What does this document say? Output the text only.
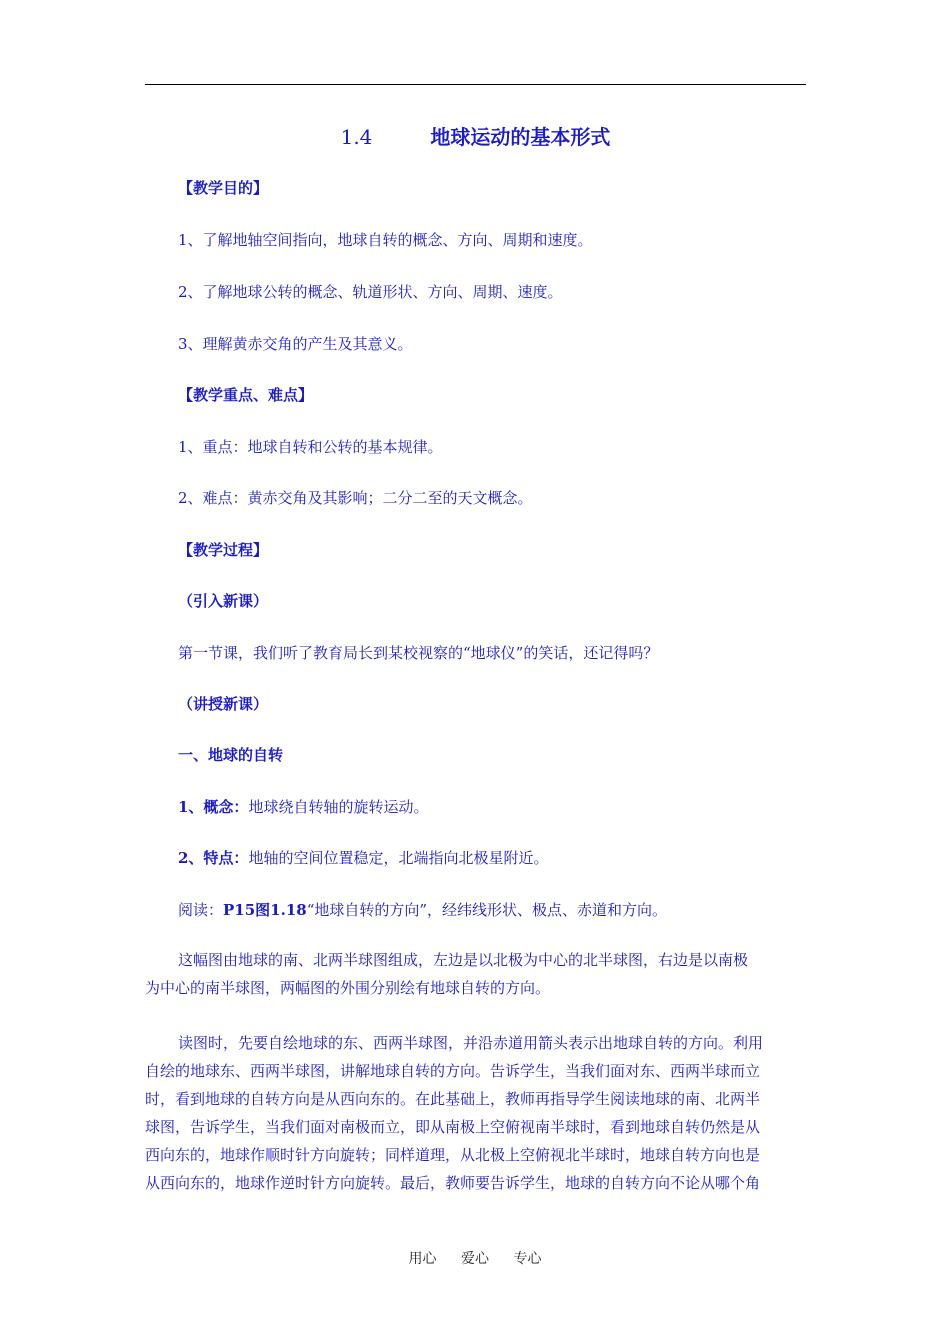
1.4	地球运动的基本形式
【教学目的】
1、了解地轴空间指向，地球自转的概念、方向、周期和速度。
2、了解地球公转的概念、轨道形状、方向、周期、速度。
3、理解黄赤交角的产生及其意义。
【教学重点、难点】
1、重点：地球自转和公转的基本规律。
2、难点：黄赤交角及其影响；二分二至的天文概念。
【教学过程】
（引入新课）
第一节课，我们听了教育局长到某校视察的“地球仪”的笑话，还记得吗？
（讲授新课）
一、地球的自转
1、概念：地球绕自转轴的旋转运动。
2、特点：地轴的空间位置稳定，北端指向北极星附近。
阅读：P15图1.18“地球自转的方向”，经纬线形状、极点、赤道和方向。
这幅图由地球的南、北两半球图组成，左边是以北极为中心的北半球图，右边是以南极
为中心的南半球图，两幅图的外围分别绘有地球自转的方向。
读图时，先要自绘地球的东、西两半球图，并沿赤道用箭头表示出地球自转的方向。利用
自绘的地球东、西两半球图，讲解地球自转的方向。告诉学生，当我们面对东、西两半球而立
时，看到地球的自转方向是从西向东的。在此基础上，教师再指导学生阅读地球的南、北两半
球图，告诉学生，当我们面对南极而立，即从南极上空俯视南半球时，看到地球自转仍然是从
西向东的，地球作顺时针方向旋转；同样道理，从北极上空俯视北半球时，地球自转方向也是
从西向东的，地球作逆时针方向旋转。最后，教师要告诉学生，地球的自转方向不论从哪个角
用心 爱心 专心
